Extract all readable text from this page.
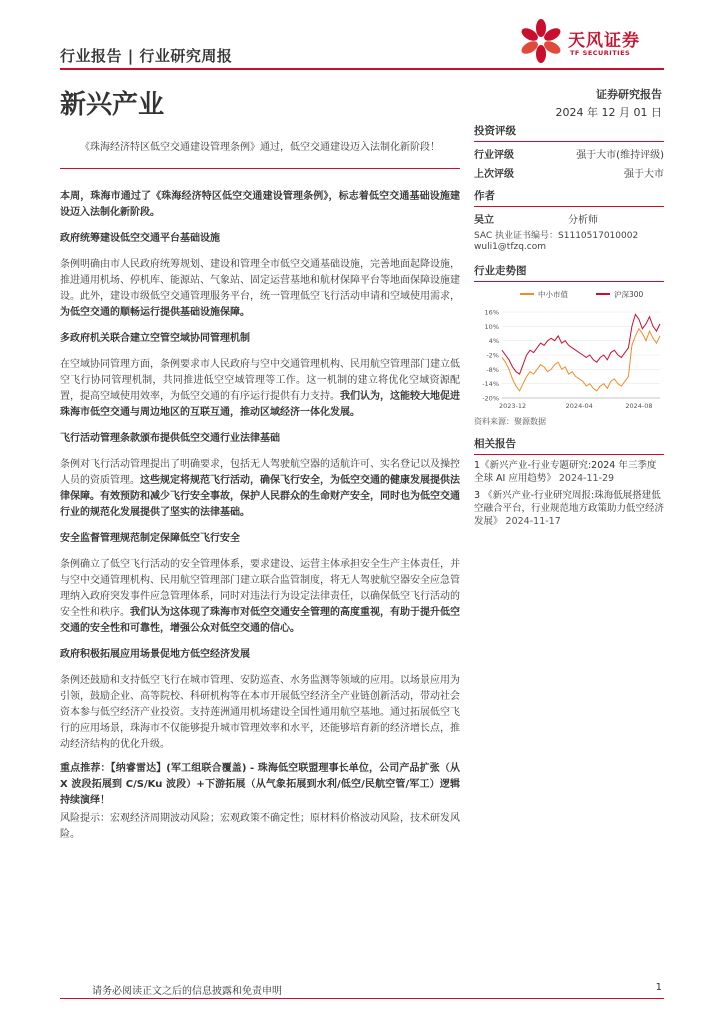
行业报告 | 行业研究周报
天风证券
TF SECURITIES
新兴产业	证券研究报告
2024 年 12 月 01 日
《珠海经济特区低空交通建设管理条例》通过，低空交通建设迈入法制化新阶段！
投资评级
行业评级	强于大市(维持评级)
上次评级	强于大市
作者
吴立	分析师
SAC 执业证书编号：S1110517010002
wuli1@tfzq.com
行业走势图
中小市值	沪深300
16%
10%
4%
-2%
-8%
-14%
-20%
2023-12	2024-04	2024-08
资料来源：聚源数据
相关报告
1《新兴产业-行业专题研究:2024 年三季度全球 AI 应用趋势》 2024-11-29
3 《新兴产业-行业研究周报:珠海低展搭建低空融合平台，行业规范地方政策助力低空经济发展》 2024-11-17

本周，珠海市通过了《珠海经济特区低空交通建设管理条例》，标志着低空交通基础设施建设迈入法制化新阶段。

政府统筹建设低空交通平台基础设施

条例明确由市人民政府统筹规划、建设和管理全市低空交通基础设施，完善地面起降设施，推进通用机场、停机库、能源站、气象站、固定运营基地和航材保障平台等地面保障设施建设。此外，建设市级低空交通管理服务平台，统一管理低空飞行活动申请和空域使用需求，为低空交通的顺畅运行提供基础设施保障。

多政府机关联合建立空管空域协同管理机制

在空域协同管理方面，条例要求市人民政府与空中交通管理机构、民用航空管理部门建立低空飞行协同管理机制，共同推进低空空域管理等工作。这一机制的建立将优化空域资源配置，提高空域使用效率，为低空交通的有序运行提供有力支持。我们认为，这能较大地促进珠海市低空交通与周边地区的互联互通，推动区域经济一体化发展。

飞行活动管理条款颁布提供低空交通行业法律基础

条例对飞行活动管理提出了明确要求，包括无人驾驶航空器的适航许可、实名登记以及操控人员的资质管理。这些规定将规范飞行活动，确保飞行安全，为低空交通的健康发展提供法律保障。有效预防和减少飞行安全事故，保护人民群众的生命财产安全，同时也为低空交通行业的规范化发展提供了坚实的法律基础。

安全监督管理规范制定保障低空飞行安全

条例确立了低空飞行活动的安全管理体系，要求建设、运营主体承担安全生产主体责任，并与空中交通管理机构、民用航空管理部门建立联合监管制度，将无人驾驶航空器安全应急管理纳入政府突发事件应急管理体系，同时对违法行为设定法律责任，以确保低空飞行活动的安全性和秩序。我们认为这体现了珠海市对低空交通安全管理的高度重视，有助于提升低空交通的安全性和可靠性，增强公众对低空交通的信心。

政府积极拓展应用场景促地方低空经济发展

条例还鼓励和支持低空飞行在城市管理、安防巡查、水务监测等领域的应用。以场景应用为引领，鼓励企业、高等院校、科研机构等在本市开展低空经济全产业链创新活动，带动社会资本参与低空经济产业投资。支持莲洲通用机场建设全国性通用航空基地。通过拓展低空飞行的应用场景，珠海市不仅能够提升城市管理效率和水平，还能够培育新的经济增长点，推动经济结构的优化升级。

重点推荐：【纳睿雷达】(军工组联合覆盖) - 珠海低空联盟理事长单位，公司产品扩张（从 X 波段拓展到 C/S/Ku 波段）+下游拓展（从气象拓展到水利/低空/民航空管/军工）逻辑持续演绎！

风险提示：宏观经济周期波动风险；宏观政策不确定性；原材料价格波动风险，技术研发风险。

请务必阅读正文之后的信息披露和免责申明	1
